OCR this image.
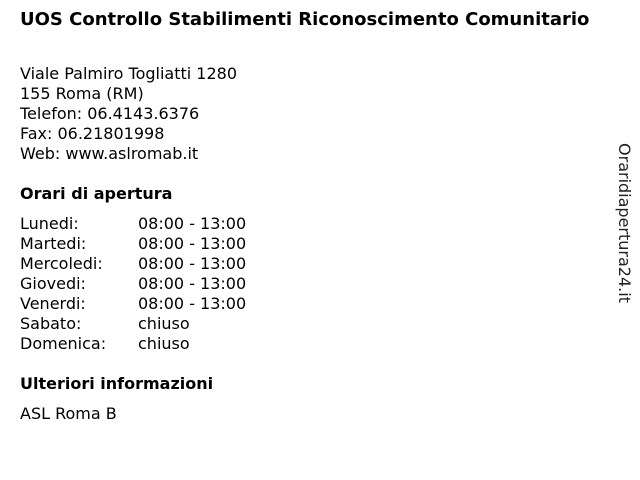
UOS Controllo Stabilimenti Riconoscimento Comunitario
Viale Palmiro Togliatti 1280
155 Roma (RM)
Telefon: 06.4143.6376
Fax: 06.21801998
Web: www.aslromab.it
Orari di apertura
Lunedi:	08:00 - 13:00
Martedi:	08:00 - 13:00
Mercoledi:	08:00 - 13:00
Giovedi:	08:00 - 13:00
Venerdi:	08:00 - 13:00
Sabato:	chiuso
Domenica:	chiuso
Ulteriori informazioni
ASL Roma B
Oraridiapertura24.it
